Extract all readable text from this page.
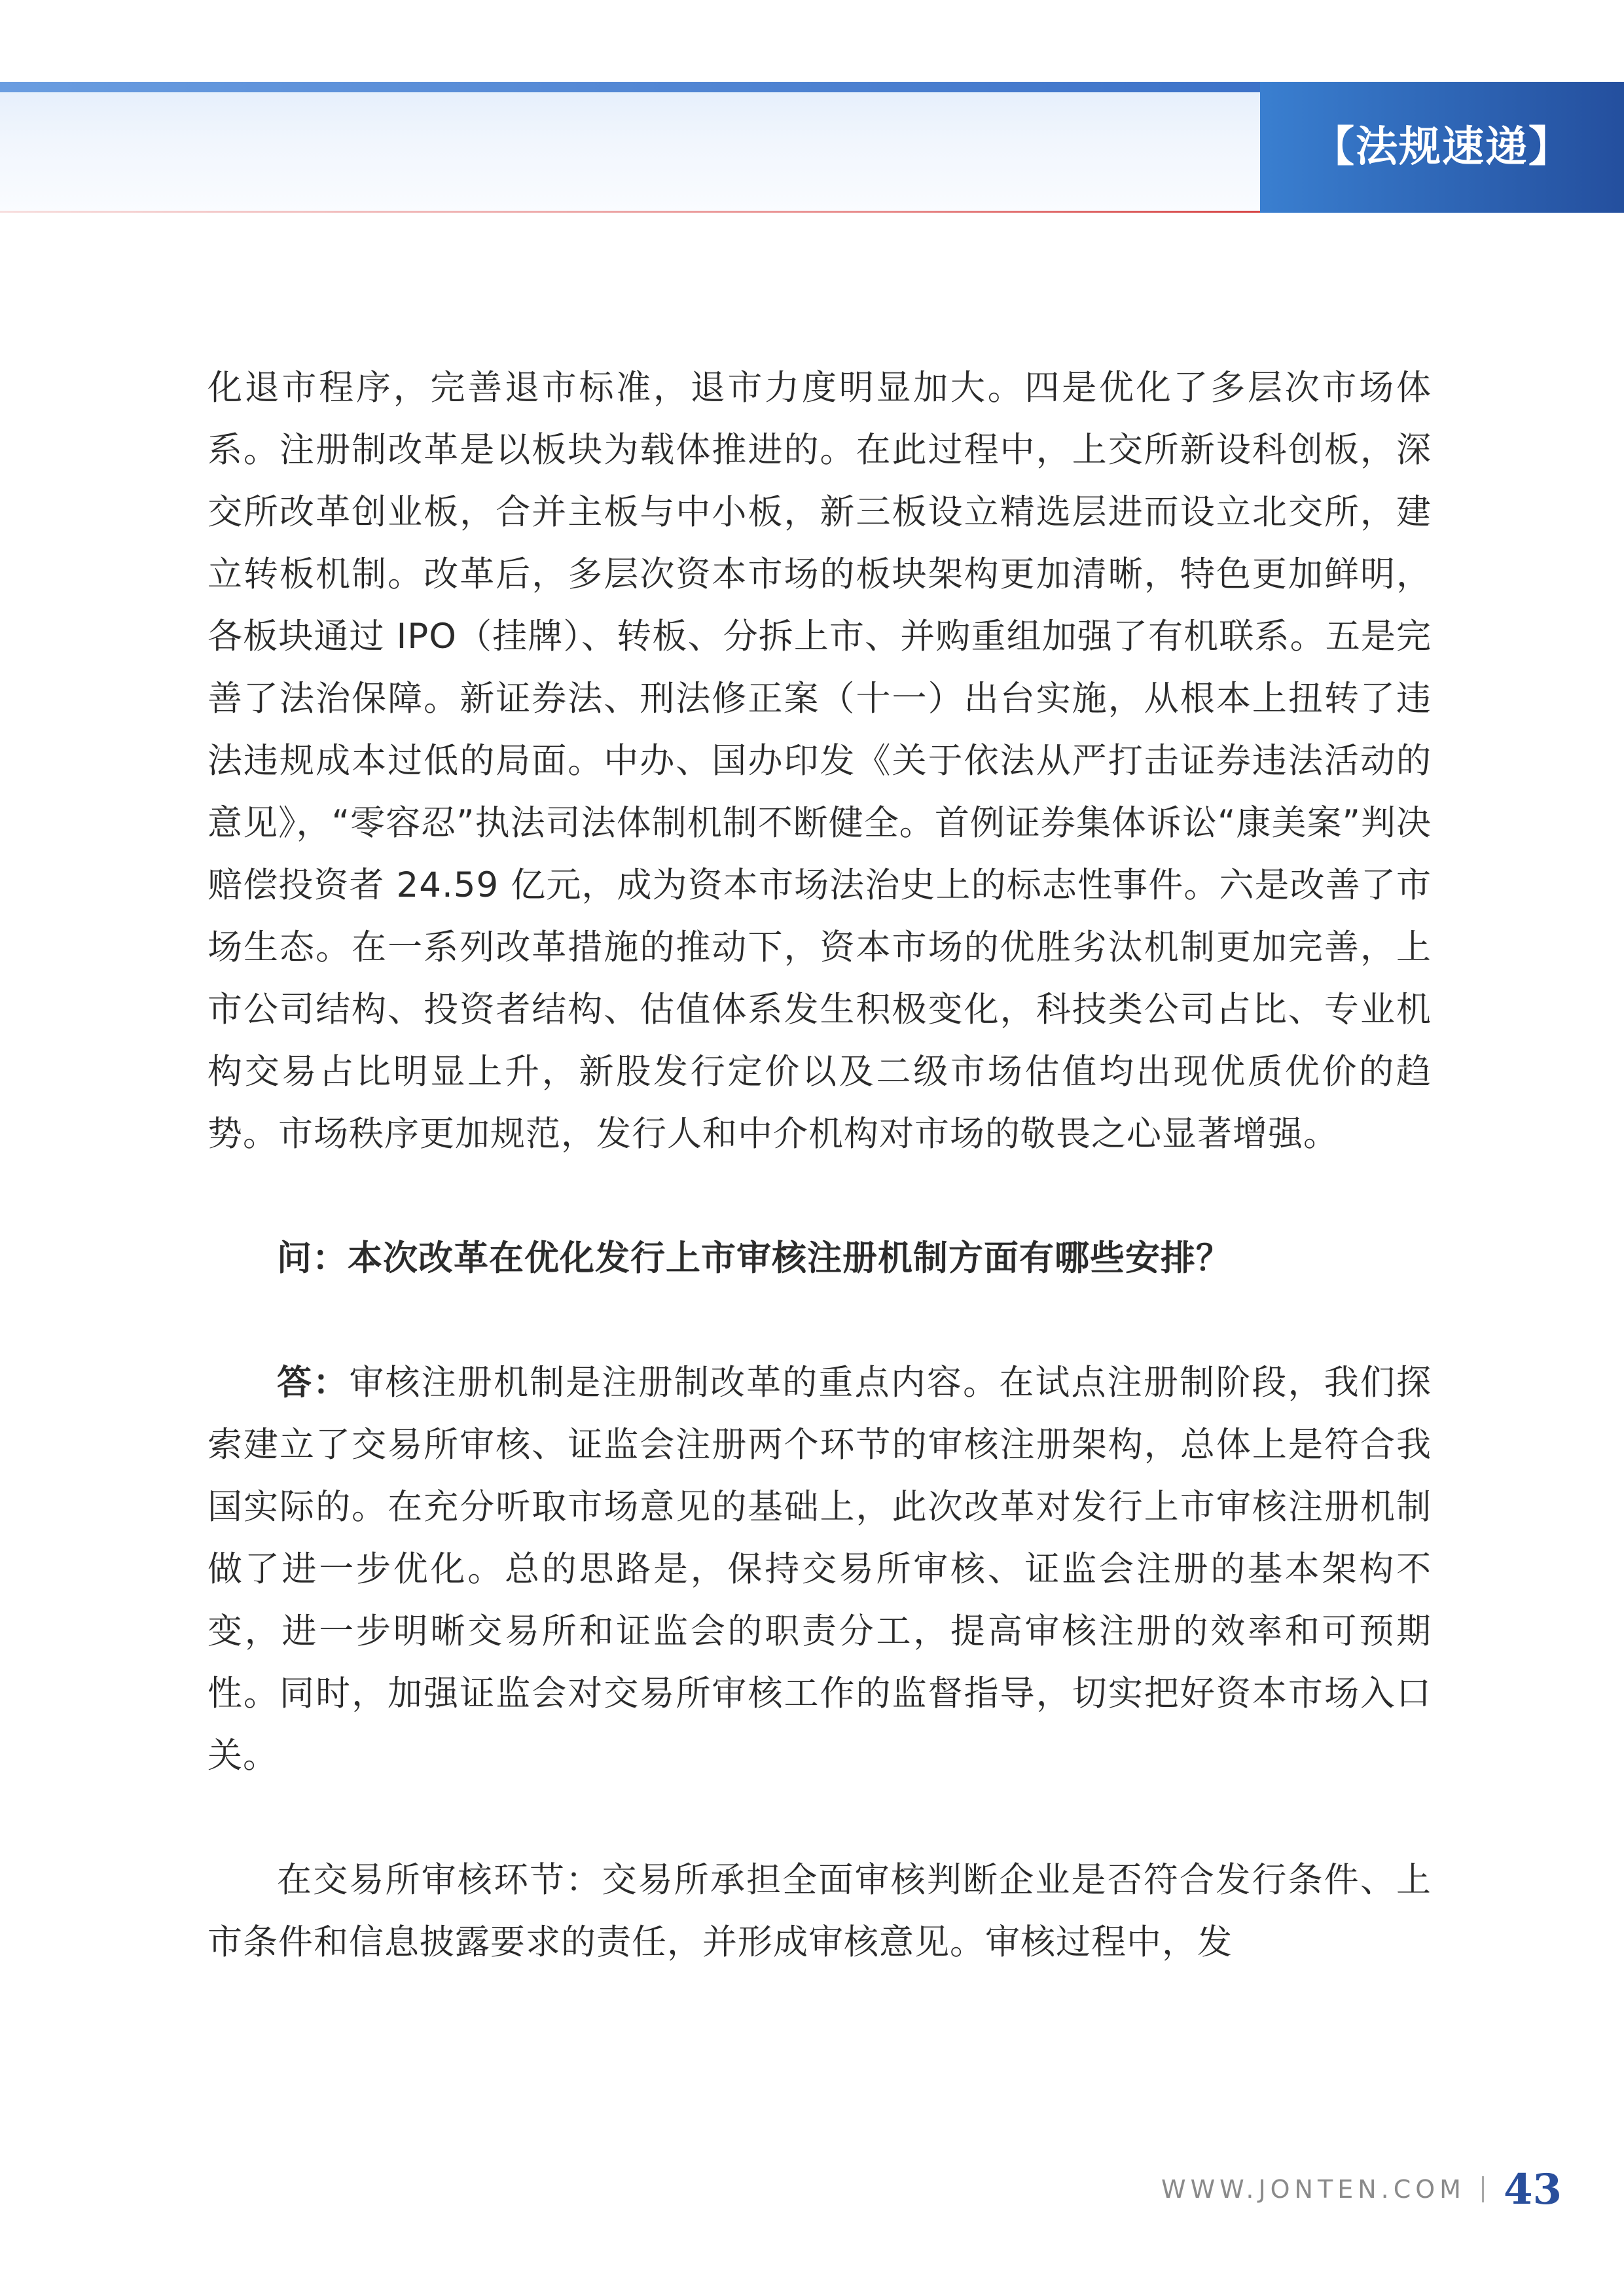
【法规速递】

化退市程序，完善退市标准，退市力度明显加大。四是优化了多层次市场体系。注册制改革是以板块为载体推进的。在此过程中，上交所新设科创板，深交所改革创业板，合并主板与中小板，新三板设立精选层进而设立北交所，建立转板机制。改革后，多层次资本市场的板块架构更加清晰，特色更加鲜明，各板块通过 IPO（挂牌）、转板、分拆上市、并购重组加强了有机联系。五是完善了法治保障。新证券法、刑法修正案（十一）出台实施，从根本上扭转了违法违规成本过低的局面。中办、国办印发《关于依法从严打击证券违法活动的意见》，“零容忍”执法司法体制机制不断健全。首例证券集体诉讼“康美案”判决赔偿投资者 24.59 亿元，成为资本市场法治史上的标志性事件。六是改善了市场生态。在一系列改革措施的推动下，资本市场的优胜劣汰机制更加完善，上市公司结构、投资者结构、估值体系发生积极变化，科技类公司占比、专业机构交易占比明显上升，新股发行定价以及二级市场估值均出现优质优价的趋势。市场秩序更加规范，发行人和中介机构对市场的敬畏之心显著增强。

问：本次改革在优化发行上市审核注册机制方面有哪些安排？

答：审核注册机制是注册制改革的重点内容。在试点注册制阶段，我们探索建立了交易所审核、证监会注册两个环节的审核注册架构，总体上是符合我国实际的。在充分听取市场意见的基础上，此次改革对发行上市审核注册机制做了进一步优化。总的思路是，保持交易所审核、证监会注册的基本架构不变，进一步明晰交易所和证监会的职责分工，提高审核注册的效率和可预期性。同时，加强证监会对交易所审核工作的监督指导，切实把好资本市场入口关。

在交易所审核环节：交易所承担全面审核判断企业是否符合发行条件、上市条件和信息披露要求的责任，并形成审核意见。审核过程中，发

WWW.JONTEN.COM 43
